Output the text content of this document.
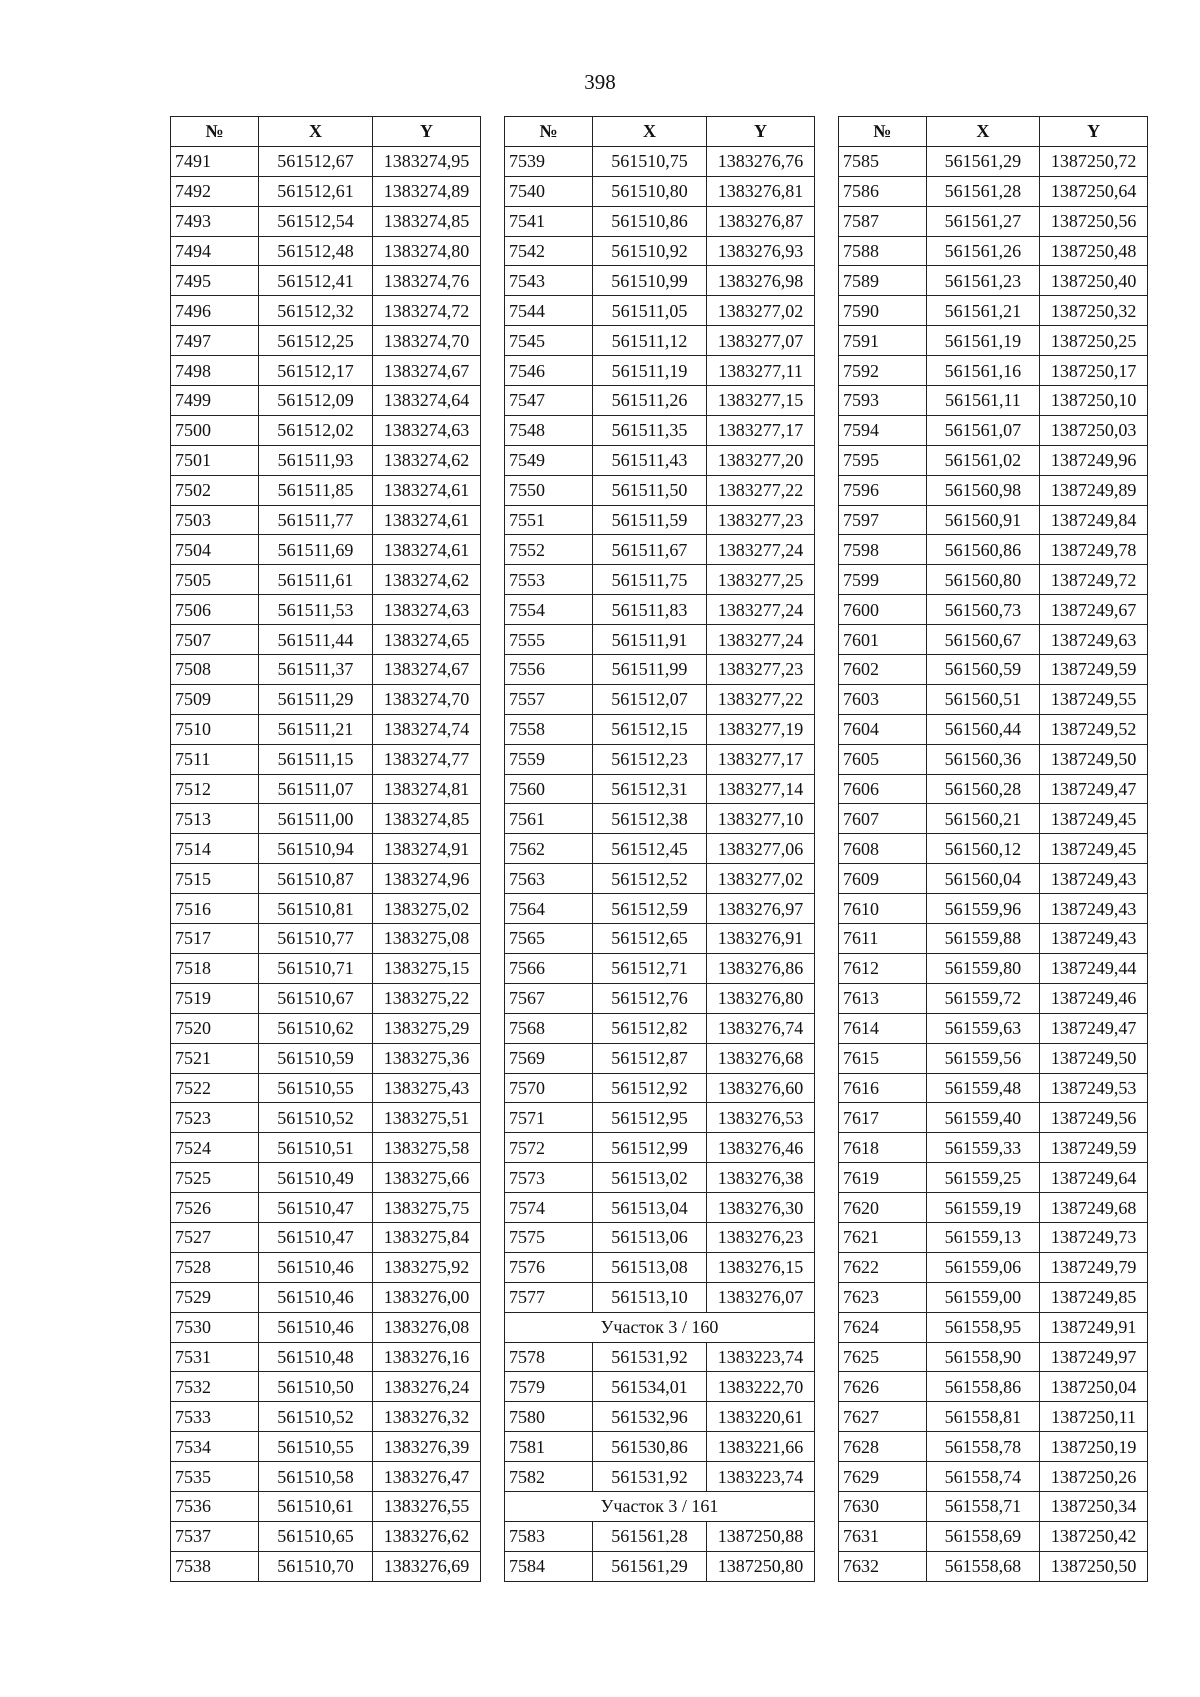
398
№	X	Y
7491	561512,67	1383274,95
7492	561512,61	1383274,89
7493	561512,54	1383274,85
7494	561512,48	1383274,80
7495	561512,41	1383274,76
7496	561512,32	1383274,72
7497	561512,25	1383274,70
7498	561512,17	1383274,67
7499	561512,09	1383274,64
7500	561512,02	1383274,63
7501	561511,93	1383274,62
7502	561511,85	1383274,61
7503	561511,77	1383274,61
7504	561511,69	1383274,61
7505	561511,61	1383274,62
7506	561511,53	1383274,63
7507	561511,44	1383274,65
7508	561511,37	1383274,67
7509	561511,29	1383274,70
7510	561511,21	1383274,74
7511	561511,15	1383274,77
7512	561511,07	1383274,81
7513	561511,00	1383274,85
7514	561510,94	1383274,91
7515	561510,87	1383274,96
7516	561510,81	1383275,02
7517	561510,77	1383275,08
7518	561510,71	1383275,15
7519	561510,67	1383275,22
7520	561510,62	1383275,29
7521	561510,59	1383275,36
7522	561510,55	1383275,43
7523	561510,52	1383275,51
7524	561510,51	1383275,58
7525	561510,49	1383275,66
7526	561510,47	1383275,75
7527	561510,47	1383275,84
7528	561510,46	1383275,92
7529	561510,46	1383276,00
7530	561510,46	1383276,08
7531	561510,48	1383276,16
7532	561510,50	1383276,24
7533	561510,52	1383276,32
7534	561510,55	1383276,39
7535	561510,58	1383276,47
7536	561510,61	1383276,55
7537	561510,65	1383276,62
7538	561510,70	1383276,69
№	X	Y
7539	561510,75	1383276,76
7540	561510,80	1383276,81
7541	561510,86	1383276,87
7542	561510,92	1383276,93
7543	561510,99	1383276,98
7544	561511,05	1383277,02
7545	561511,12	1383277,07
7546	561511,19	1383277,11
7547	561511,26	1383277,15
7548	561511,35	1383277,17
7549	561511,43	1383277,20
7550	561511,50	1383277,22
7551	561511,59	1383277,23
7552	561511,67	1383277,24
7553	561511,75	1383277,25
7554	561511,83	1383277,24
7555	561511,91	1383277,24
7556	561511,99	1383277,23
7557	561512,07	1383277,22
7558	561512,15	1383277,19
7559	561512,23	1383277,17
7560	561512,31	1383277,14
7561	561512,38	1383277,10
7562	561512,45	1383277,06
7563	561512,52	1383277,02
7564	561512,59	1383276,97
7565	561512,65	1383276,91
7566	561512,71	1383276,86
7567	561512,76	1383276,80
7568	561512,82	1383276,74
7569	561512,87	1383276,68
7570	561512,92	1383276,60
7571	561512,95	1383276,53
7572	561512,99	1383276,46
7573	561513,02	1383276,38
7574	561513,04	1383276,30
7575	561513,06	1383276,23
7576	561513,08	1383276,15
7577	561513,10	1383276,07
Участок 3 / 160		
7578	561531,92	1383223,74
7579	561534,01	1383222,70
7580	561532,96	1383220,61
7581	561530,86	1383221,66
7582	561531,92	1383223,74
Участок 3 / 161		
7583	561561,28	1387250,88
7584	561561,29	1387250,80
№	X	Y
7585	561561,29	1387250,72
7586	561561,28	1387250,64
7587	561561,27	1387250,56
7588	561561,26	1387250,48
7589	561561,23	1387250,40
7590	561561,21	1387250,32
7591	561561,19	1387250,25
7592	561561,16	1387250,17
7593	561561,11	1387250,10
7594	561561,07	1387250,03
7595	561561,02	1387249,96
7596	561560,98	1387249,89
7597	561560,91	1387249,84
7598	561560,86	1387249,78
7599	561560,80	1387249,72
7600	561560,73	1387249,67
7601	561560,67	1387249,63
7602	561560,59	1387249,59
7603	561560,51	1387249,55
7604	561560,44	1387249,52
7605	561560,36	1387249,50
7606	561560,28	1387249,47
7607	561560,21	1387249,45
7608	561560,12	1387249,45
7609	561560,04	1387249,43
7610	561559,96	1387249,43
7611	561559,88	1387249,43
7612	561559,80	1387249,44
7613	561559,72	1387249,46
7614	561559,63	1387249,47
7615	561559,56	1387249,50
7616	561559,48	1387249,53
7617	561559,40	1387249,56
7618	561559,33	1387249,59
7619	561559,25	1387249,64
7620	561559,19	1387249,68
7621	561559,13	1387249,73
7622	561559,06	1387249,79
7623	561559,00	1387249,85
7624	561558,95	1387249,91
7625	561558,90	1387249,97
7626	561558,86	1387250,04
7627	561558,81	1387250,11
7628	561558,78	1387250,19
7629	561558,74	1387250,26
7630	561558,71	1387250,34
7631	561558,69	1387250,42
7632	561558,68	1387250,50
